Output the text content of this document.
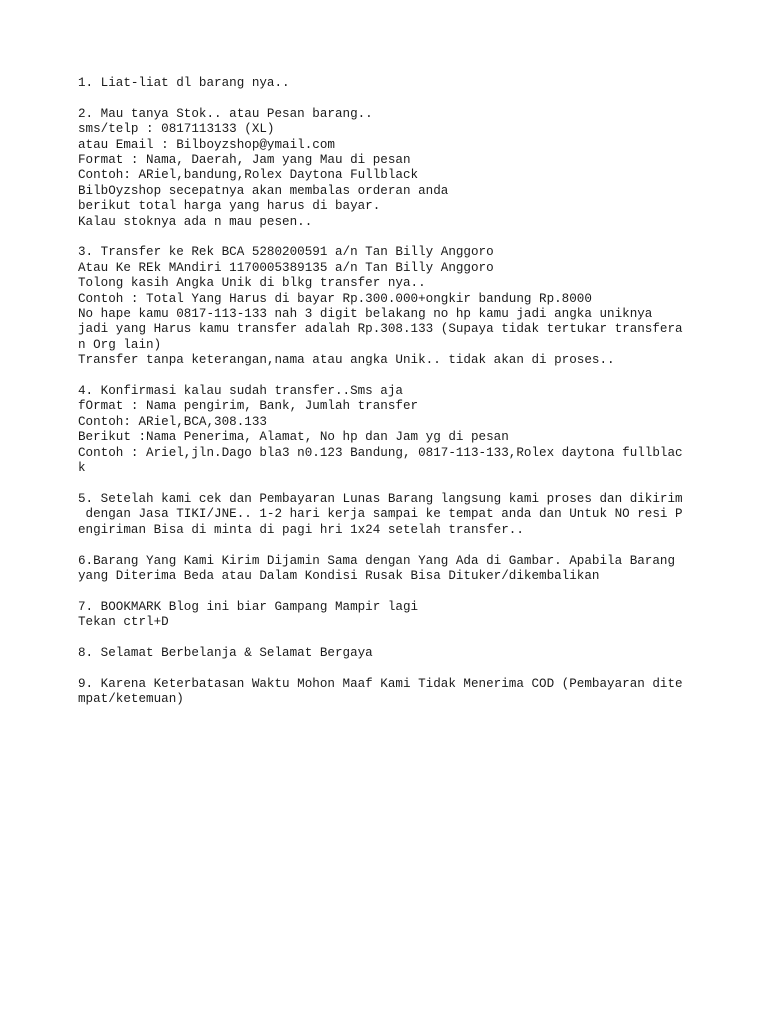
1. Liat-liat dl barang nya..
2. Mau tanya Stok.. atau Pesan barang..
sms/telp : 0817113133 (XL)
atau Email : Bilboyzshop@ymail.com
Format : Nama, Daerah, Jam yang Mau di pesan
Contoh: ARiel,bandung,Rolex Daytona Fullblack
BilbOyzshop secepatnya akan membalas orderan anda
berikut total harga yang harus di bayar.
Kalau stoknya ada n mau pesen..
3. Transfer ke Rek BCA 5280200591 a/n Tan Billy Anggoro
Atau Ke REk MAndiri 1170005389135 a/n Tan Billy Anggoro
Tolong kasih Angka Unik di blkg transfer nya..
Contoh : Total Yang Harus di bayar Rp.300.000+ongkir bandung Rp.8000
No hape kamu 0817-113-133 nah 3 digit belakang no hp kamu jadi angka uniknya
jadi yang Harus kamu transfer adalah Rp.308.133 (Supaya tidak tertukar transfera
n Org lain)
Transfer tanpa keterangan,nama atau angka Unik.. tidak akan di proses..
4. Konfirmasi kalau sudah transfer..Sms aja
fOrmat : Nama pengirim, Bank, Jumlah transfer
Contoh: ARiel,BCA,308.133
Berikut :Nama Penerima, Alamat, No hp dan Jam yg di pesan
Contoh : Ariel,jln.Dago bla3 n0.123 Bandung, 0817-113-133,Rolex daytona fullblac
k
5. Setelah kami cek dan Pembayaran Lunas Barang langsung kami proses dan dikirim
dengan Jasa TIKI/JNE.. 1-2 hari kerja sampai ke tempat anda dan Untuk NO resi P
engiriman Bisa di minta di pagi hri 1x24 setelah transfer..
6.Barang Yang Kami Kirim Dijamin Sama dengan Yang Ada di Gambar. Apabila Barang
yang Diterima Beda atau Dalam Kondisi Rusak Bisa Dituker/dikembalikan
7. BOOKMARK Blog ini biar Gampang Mampir lagi
Tekan ctrl+D
8. Selamat Berbelanja & Selamat Bergaya
9. Karena Keterbatasan Waktu Mohon Maaf Kami Tidak Menerima COD (Pembayaran dite
mpat/ketemuan)
